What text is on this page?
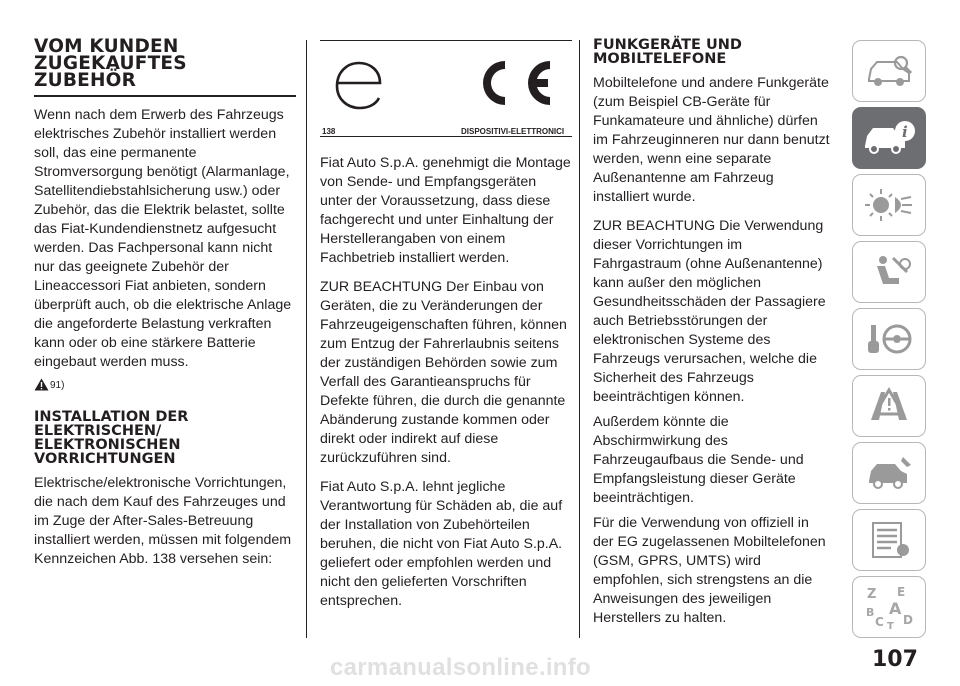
VOM KUNDEN
ZUGEKAUFTES
ZUBEHÖR

Wenn nach dem Erwerb des Fahrzeugs elektrisches Zubehör installiert werden soll, das eine permanente Stromversorgung benötigt (Alarmanlage, Satellitendiebstahlsicherung usw.) oder Zubehör, das die Elektrik belastet, sollte das Fiat-Kundendienstnetz aufgesucht werden. Das Fachpersonal kann nicht nur das geeignete Zubehör der Lineaccessori Fiat anbieten, sondern überprüft auch, ob die elektrische Anlage die angeforderte Belastung verkraften kann oder ob eine stärkere Batterie eingebaut werden muss.

91)
INSTALLATION DER
ELEKTRISCHEN/
ELEKTRONISCHEN
VORRICHTUNGEN

Elektrische/elektronische Vorrichtungen, die nach dem Kauf des Fahrzeuges und im Zuge der After-Sales-Betreuung installiert werden, müssen mit folgendem Kennzeichen Abb. 138 versehen sein:

138	DISPOSITIVI-ELETTRONICI

Fiat Auto S.p.A. genehmigt die Montage von Sende- und Empfangsgeräten unter der Voraussetzung, dass diese fachgerecht und unter Einhaltung der Herstellerangaben von einem Fachbetrieb installiert werden.

ZUR BEACHTUNG Der Einbau von Geräten, die zu Veränderungen der Fahrzeugeigenschaften führen, können zum Entzug der Fahrerlaubnis seitens der zuständigen Behörden sowie zum Verfall des Garantieanspruchs für Defekte führen, die durch die genannte Abänderung zustande kommen oder direkt oder indirekt auf diese zurückzuführen sind.

Fiat Auto S.p.A. lehnt jegliche Verantwortung für Schäden ab, die auf der Installation von Zubehörteilen beruhen, die nicht von Fiat Auto S.p.A. geliefert oder empfohlen werden und nicht den gelieferten Vorschriften entsprechen.

FUNKGERÄTE UND
MOBILTELEFONE

Mobiltelefone und andere Funkgeräte (zum Beispiel CB-Geräte für Funkamateure und ähnliche) dürfen im Fahrzeuginneren nur dann benutzt werden, wenn eine separate Außenantenne am Fahrzeug installiert wurde.

ZUR BEACHTUNG Die Verwendung dieser Vorrichtungen im Fahrgastraum (ohne Außenantenne) kann außer den möglichen Gesundheitsschäden der Passagiere auch Betriebsstörungen der elektronischen Systeme des Fahrzeugs verursachen, welche die Sicherheit des Fahrzeugs beeinträchtigen können.

Außerdem könnte die Abschirmwirkung des Fahrzeugaufbaus die Sende- und Empfangsleistung dieser Geräte beeinträchtigen.

Für die Verwendung von offiziell in der EG zugelassenen Mobiltelefonen (GSM, GPRS, UMTS) wird empfohlen, sich strengstens an die Anweisungen des jeweiligen Herstellers zu halten.

i
Z E
B A
C T D
107
carmanualsonline.info
